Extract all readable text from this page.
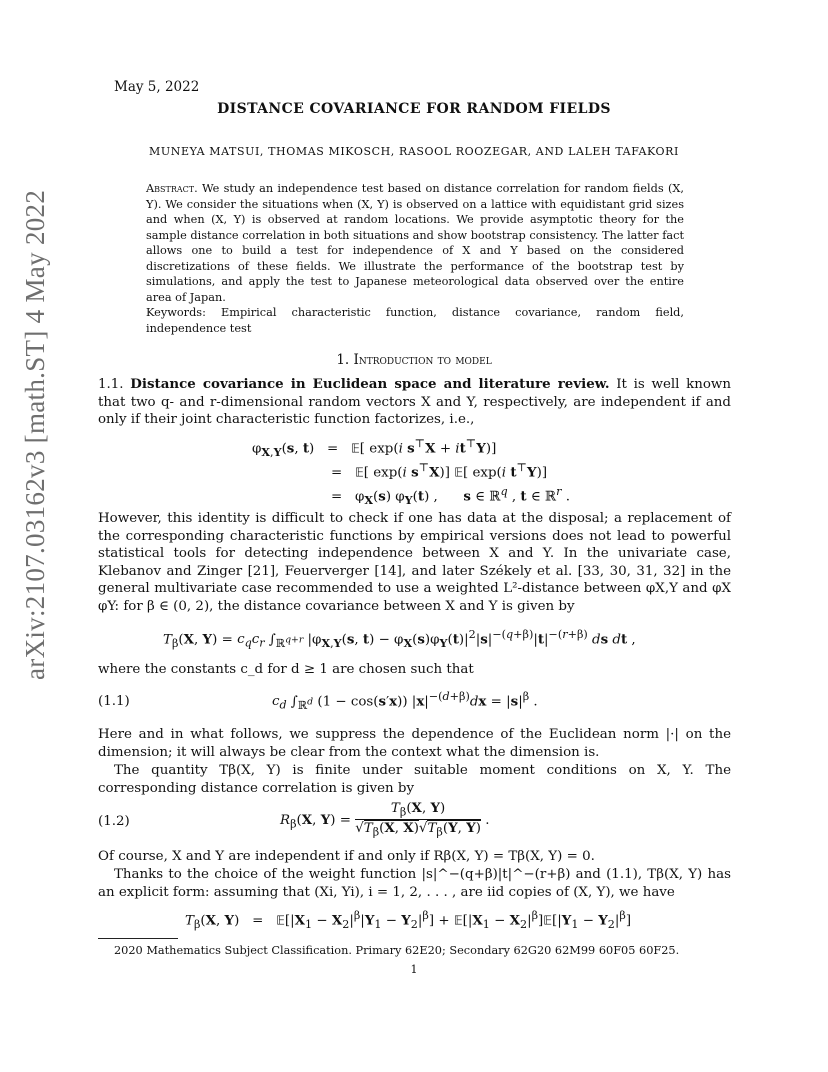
arXiv:2107.03162v3 [math.ST] 4 May 2022
May 5, 2022
DISTANCE COVARIANCE FOR RANDOM FIELDS
MUNEYA MATSUI, THOMAS MIKOSCH, RASOOL ROOZEGAR, AND LALEH TAFAKORI
Abstract. We study an independence test based on distance correlation for random fields (X, Y). We consider the situations when (X, Y) is observed on a lattice with equidistant grid sizes and when (X, Y) is observed at random locations. We provide asymptotic theory for the sample distance correlation in both situations and show bootstrap consistency. The latter fact allows one to build a test for independence of X and Y based on the considered discretizations of these fields. We illustrate the performance of the bootstrap test by simulations, and apply the test to Japanese meteorological data observed over the entire area of Japan.
Keywords: Empirical characteristic function, distance covariance, random field, independence test
1. Introduction to model
1.1. Distance covariance in Euclidean space and literature review. It is well known that two q- and r-dimensional random vectors X and Y, respectively, are independent if and only if their joint characteristic function factorizes, i.e.,
$\varphi_{X,Y}(s$, t)   =   𝔼[ exp(i s⊤X + it⊤Y)]
=   𝔼[ exp(i s⊤X)] 𝔼[ exp(i t⊤Y)]
=   $\varphi_X(s)$ $\varphi_Y(t)$ ,      s ∈ ℝ$^q$ , t ∈ ℝ$^r$ .
However, this identity is difficult to check if one has data at the disposal; a replacement of the corresponding characteristic functions by empirical versions does not lead to powerful statistical tools for detecting independence between X and Y. In the univariate case, Klebanov and Zinger [21], Feuerverger [14], and later Székely et al. [33, 30, 31, 32] in the general multivariate case recommended to use a weighted L²-distance between φX,Y and φX φY: for β ∈ (0, 2), the distance covariance between X and Y is given by
$T_\beta(X$, $Y) = c_qc_r$ $\int_{ℝ^{q+r}}$ $|\varphi_{X,Y}(s$, $t) - \varphi_X(s)\varphi_Y(t)|^2|s|^{-(q+\beta)}|t|^{-(r+\beta)}$ ds dt ,
where the constants c_d for d ≥ 1 are chosen such that
(1.1)	$c_d$ $\int_{ℝ^d}$ (1 − cos(s′x)) $|x|^{-(d+\beta)}dx = |s|^\beta$ .
Here and in what follows, we suppress the dependence of the Euclidean norm |·| on the dimension; it will always be clear from the context what the dimension is.
The quantity Tβ(X, Y) is finite under suitable moment conditions on X, Y. The corresponding distance correlation is given by
(1.2)	$R_\beta(X$, $Y) = \frac{T_\beta(X, Y)}{√T_\beta(X, X)√T_\beta(Y, Y)}$ .
Of course, X and Y are independent if and only if Rβ(X, Y) = Tβ(X, Y) = 0.
Thanks to the choice of the weight function |s|^−(q+β)|t|^−(r+β) and (1.1), Tβ(X, Y) has an explicit form: assuming that (Xi, Yi), i = 1, 2, . . . , are iid copies of (X, Y), we have
$T_\beta(X$, $Y) = 𝔼[|X_1 - X_2|^\beta|Y_1 - Y_2|^\beta]$ + $𝔼[|X_1$ − $X_2|^\beta]𝔼[|Y_1 - Y_2|^\beta]$
2020 Mathematics Subject Classification. Primary 62E20; Secondary 62G20 62M99 60F05 60F25.
1
